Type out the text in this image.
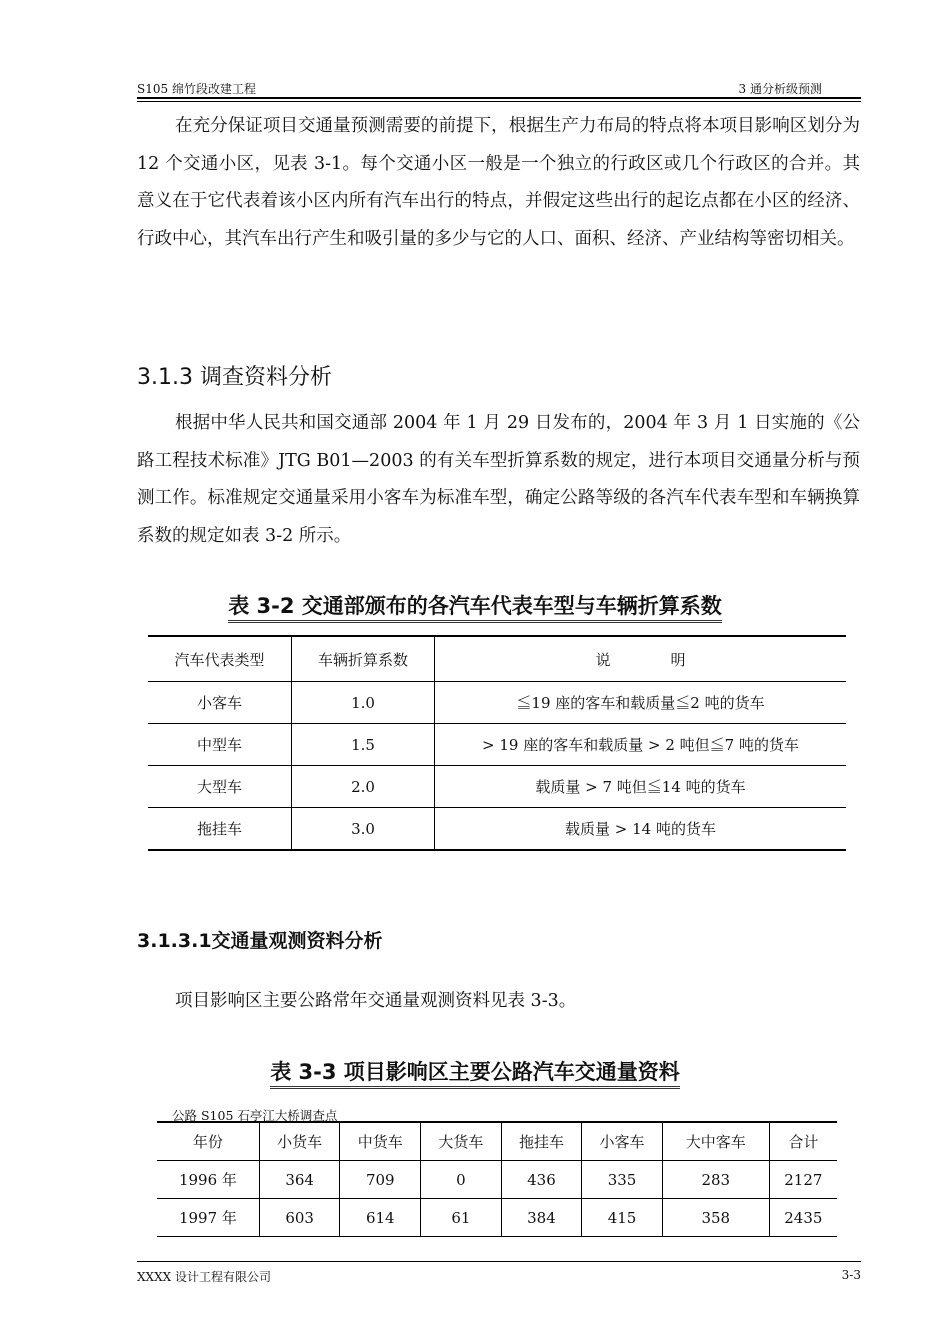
S105 绵竹段改建工程	3 通分析级预测

在充分保证项目交通量预测需要的前提下，根据生产力布局的特点将本项目影响区划分为 12 个交通小区，见表 3-1。每个交通小区一般是一个独立的行政区或几个行政区的合并。其意义在于它代表着该小区内所有汽车出行的特点，并假定这些出行的起讫点都在小区的经济、行政中心，其汽车出行产生和吸引量的多少与它的人口、面积、经济、产业结构等密切相关。

3.1.3 调查资料分析

根据中华人民共和国交通部 2004 年 1 月 29 日发布的，2004 年 3 月 1 日实施的《公路工程技术标准》JTG B01—2003 的有关车型折算系数的规定，进行本项目交通量分析与预测工作。标准规定交通量采用小客车为标准车型，确定公路等级的各汽车代表车型和车辆换算系数的规定如表 3-2 所示。

表 3-2 交通部颁布的各汽车代表车型与车辆折算系数
汽车代表类型	车辆折算系数	说　　　　明
小客车	1.0	≦19 座的客车和载质量≦2 吨的货车
中型车	1.5	> 19 座的客车和载质量 > 2 吨但≦7 吨的货车
大型车	2.0	载质量 > 7 吨但≦14 吨的货车
拖挂车	3.0	载质量 > 14 吨的货车
3.1.3.1交通量观测资料分析

项目影响区主要公路常年交通量观测资料见表 3-3。

表 3-3 项目影响区主要公路汽车交通量资料
公路 S105 石亭江大桥调查点
年份	小货车	中货车	大货车	拖挂车	小客车	大中客车	合计
1996 年	364	709	0	436	335	283	2127
1997 年	603	614	61	384	415	358	2435
XXXX 设计工程有限公司	3-3
